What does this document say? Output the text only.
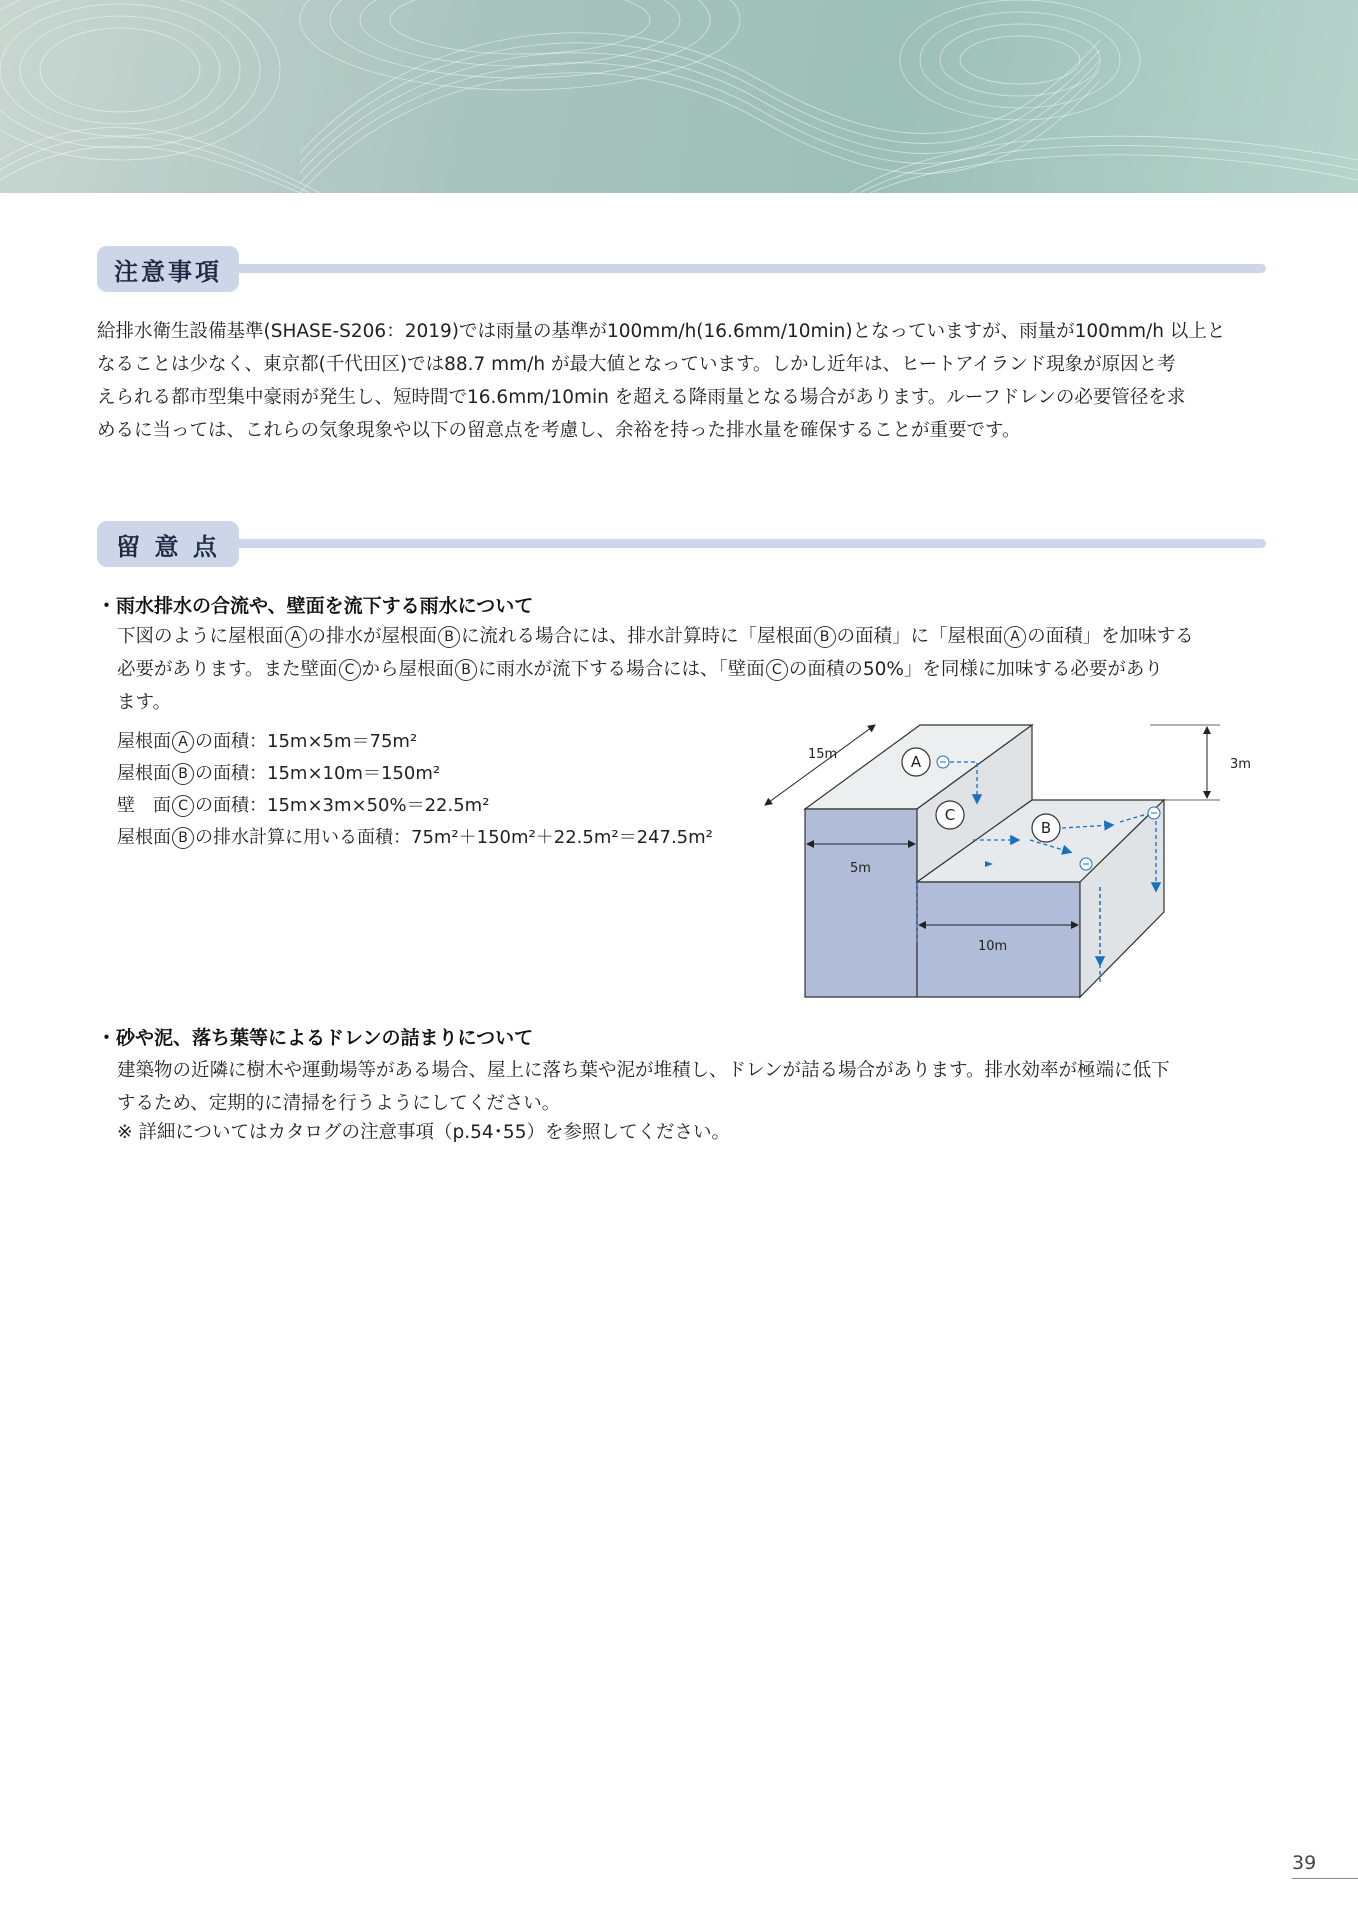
注意事項

給排水衛生設備基準(SHASE‐S206：2019)では雨量の基準が100mm/h(16.6mm/10min)となっていますが、雨量が100mm/h 以上と

なることは少なく、東京都(千代田区)では88.7 mm/h が最大値となっています。しかし近年は、ヒートアイランド現象が原因と考

えられる都市型集中豪雨が発生し、短時間で16.6mm/10min を超える降雨量となる場合があります。ルーフドレンの必要管径を求

めるに当っては、これらの気象現象や以下の留意点を考慮し、余裕を持った排水量を確保することが重要です。

留 意 点
・雨水排水の合流や、壁面を流下する雨水について

下図のように屋根面 A の排水が屋根面 B に流れる場合には、排水計算時に「屋根面 B の面積」に「屋根面 A の面積」を加味する

必要があります。また壁面 C から屋根面 B に雨水が流下する場合には、「壁面 C の面積の50%」を同様に加味する必要があり

ます。

屋根面 A の面積：15m×5m＝75m²

屋根面 B の面積：15m×10m＝150m²

壁　面 C の面積：15m×3m×50%＝22.5m²

屋根面 B の排水計算に用いる面積：75m²＋150m²＋22.5m²＝247.5m²

15m
3m
5m
10m
A
C
B
・砂や泥、落ち葉等によるドレンの詰まりについて

建築物の近隣に樹木や運動場等がある場合、屋上に落ち葉や泥が堆積し、ドレンが詰る場合があります。排水効率が極端に低下

するため、定期的に清掃を行うようにしてください。

※ 詳細についてはカタログの注意事項（p.54･55）を参照してください。

39
